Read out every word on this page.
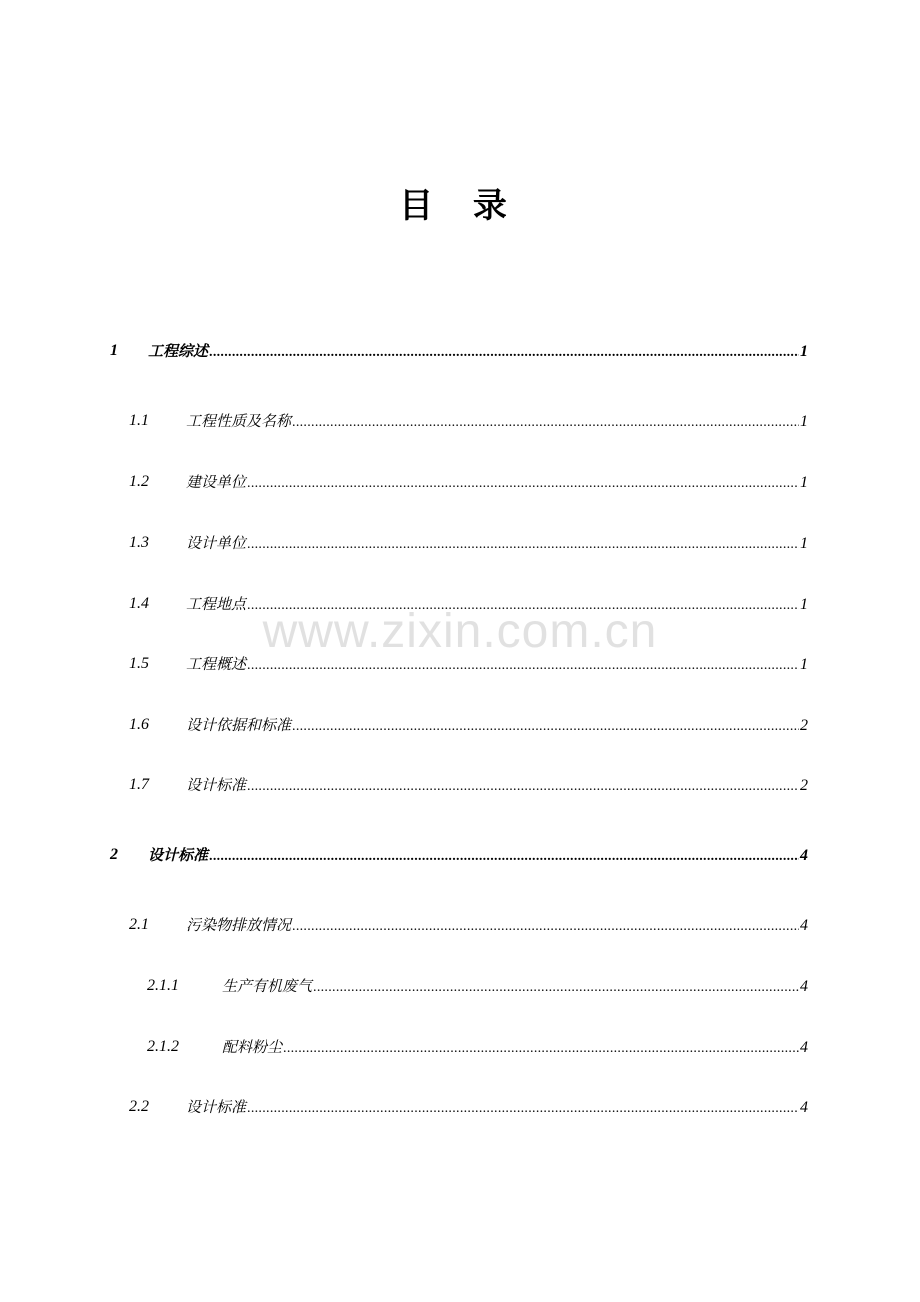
目 录
1 工程综述 .....	1
1.1 工程性质及名称 .....	1
1.2 建设单位 .....	1
1.3 设计单位 .....	1
1.4 工程地点 .....	1
1.5 工程概述 .....	1
1.6 设计依据和标准 .....	2
1.7 设计标准 .....	2
2 设计标准 .....	4
2.1 污染物排放情况 .....	4
2.1.1	生产有机废气 .....	4
2.1.2	配料粉尘 .....	4
2.2 设计标准 .....	4
www.zixin.com.cn
